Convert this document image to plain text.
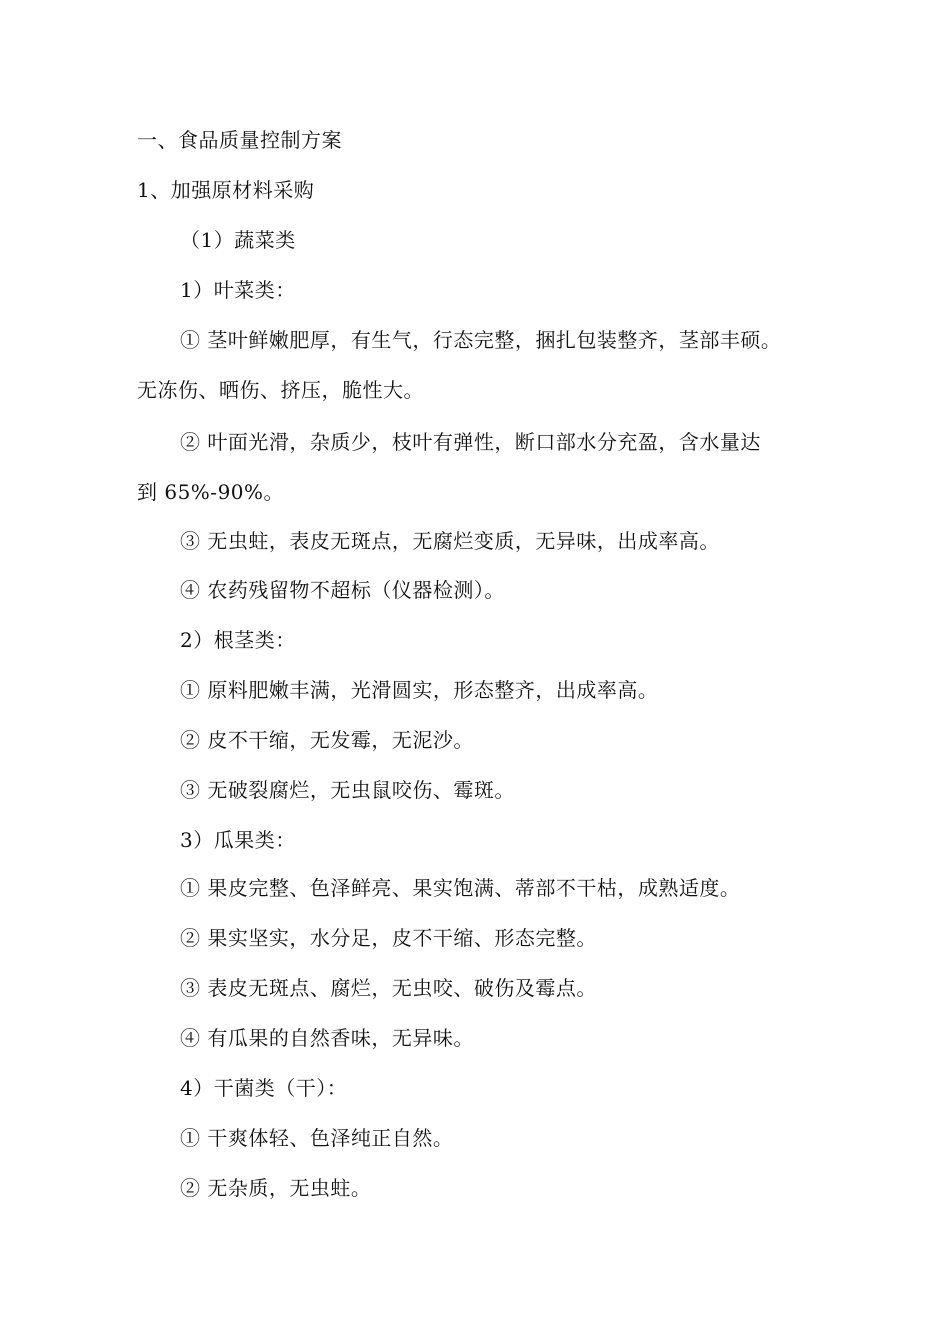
一、食品质量控制方案
1、加强原材料采购
（1）蔬菜类
1）叶菜类：
① 茎叶鲜嫩肥厚，有生气，行态完整，捆扎包装整齐，茎部丰硕。
无冻伤、晒伤、挤压，脆性大。
② 叶面光滑，杂质少，枝叶有弹性，断口部水分充盈，含水量达
到 65%-90%。
③ 无虫蛀，表皮无斑点，无腐烂变质，无异味，出成率高。
④ 农药残留物不超标（仪器检测）。
2）根茎类：
① 原料肥嫩丰满，光滑圆实，形态整齐，出成率高。
② 皮不干缩，无发霉，无泥沙。
③ 无破裂腐烂，无虫鼠咬伤、霉斑。
3）瓜果类：
① 果皮完整、色泽鲜亮、果实饱满、蒂部不干枯，成熟适度。
② 果实坚实，水分足，皮不干缩、形态完整。
③ 表皮无斑点、腐烂，无虫咬、破伤及霉点。
④ 有瓜果的自然香味，无异味。
4）干菌类（干）：
① 干爽体轻、色泽纯正自然。
② 无杂质，无虫蛀。
